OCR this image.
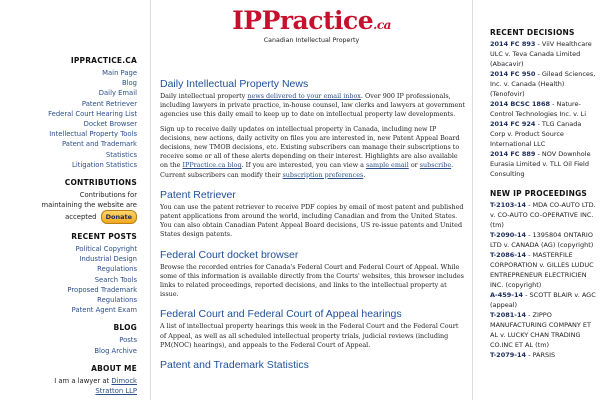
IPPRACTICE.CA
Main Page
Blog
Daily Email
Patent Retriever
Federal Court Hearing List
Docket Browser
Intellectual Property Tools
Patent and Trademark
Statistics
Litigation Statistics
CONTRIBUTIONS
Contributions for
maintaining the website are
accepted Donate
RECENT POSTS
Political Copyright
Industrial Design
Regulations
Search Tools
Proposed Trademark
Regulations
Patent Agent Exam
BLOG
Posts
Blog Archive
ABOUT ME
I am a lawyer at Dimock
Stratton LLP
IPPractice.ca
Canadian Intellectual Property
Daily Intellectual Property News
Daily intellectual property news delivered to your email inbox. Over 900 IP professionals, including lawyers in private practice, in-house counsel, law clerks and lawyers at government agencies use this daily email to keep up to date on intellectual property law developments.
Sign up to receive daily updates on intellectual property in Canada, including new IP decisions, new actions, daily activity on files you are interested in, new Patent Appeal Board decisions, new TMOB decisions, etc. Existing subscribers can manage their subscriptions to receive some or all of these alerts depending on their interest. Highlights are also available on the IPPractice.ca blog. If you are interested, you can view a sample email or subscribe. Current subscribers can modify their subscription preferences.
Patent Retriever
You can use the patent retriever to receive PDF copies by email of most patent and published patent applications from around the world, including Canadian and from the United States. You can also obtain Canadian Patent Appeal Board decisions, US re-issue patents and United States design patents.
Federal Court docket browser
Browse the recorded entries for Canada's Federal Court and Federal Court of Appeal. While some of this information is available directly from the Courts' websites, this browser includes links to related proceedings, reported decisions, and links to the intellectual property at issue.
Federal Court and Federal Court of Appeal hearings
A list of intellectual property hearings this week in the Federal Court and the Federal Court of Appeal, as well as all scheduled intellectual property trials, judicial reviews (including PM(NOC) hearings), and appeals to the Federal Court of Appeal.
Patent and Trademark Statistics
RECENT DECISIONS
2014 FC 893 - ViiV Healthcare ULC v. Teva Canada Limited (Abacavir)
2014 FC 950 - Gilead Sciences, Inc. v. Canada (Health) (Tenofovir)
2014 BCSC 1868 - Nature-Control Technologies Inc. v. Li
2014 FC 924 - TLG Canada Corp v. Product Source International LLC
2014 FC 889 - NOV Downhole Eurasia Limited v. TLL Oil Field Consulting
NEW IP PROCEEDINGS
T-2103-14 - MDA CO-AUTO LTD. v. CO-AUTO CO-OPERATIVE INC. (tm)
T-2090-14 - 1395804 ONTARIO LTD v. CANADA (AG) (copyright)
T-2086-14 - MASTERFILE CORPORATION v. GILLES LUDUC ENTREPRENEUR ELECTRICIEN INC. (copyright)
A-459-14 - SCOTT BLAIR v. AGC (appeal)
T-2081-14 - ZIPPO MANUFACTURING COMPANY ET AL v. LUCKY CHAN TRADING CO.INC ET AL (tm)
T-2079-14 - PARSIS
